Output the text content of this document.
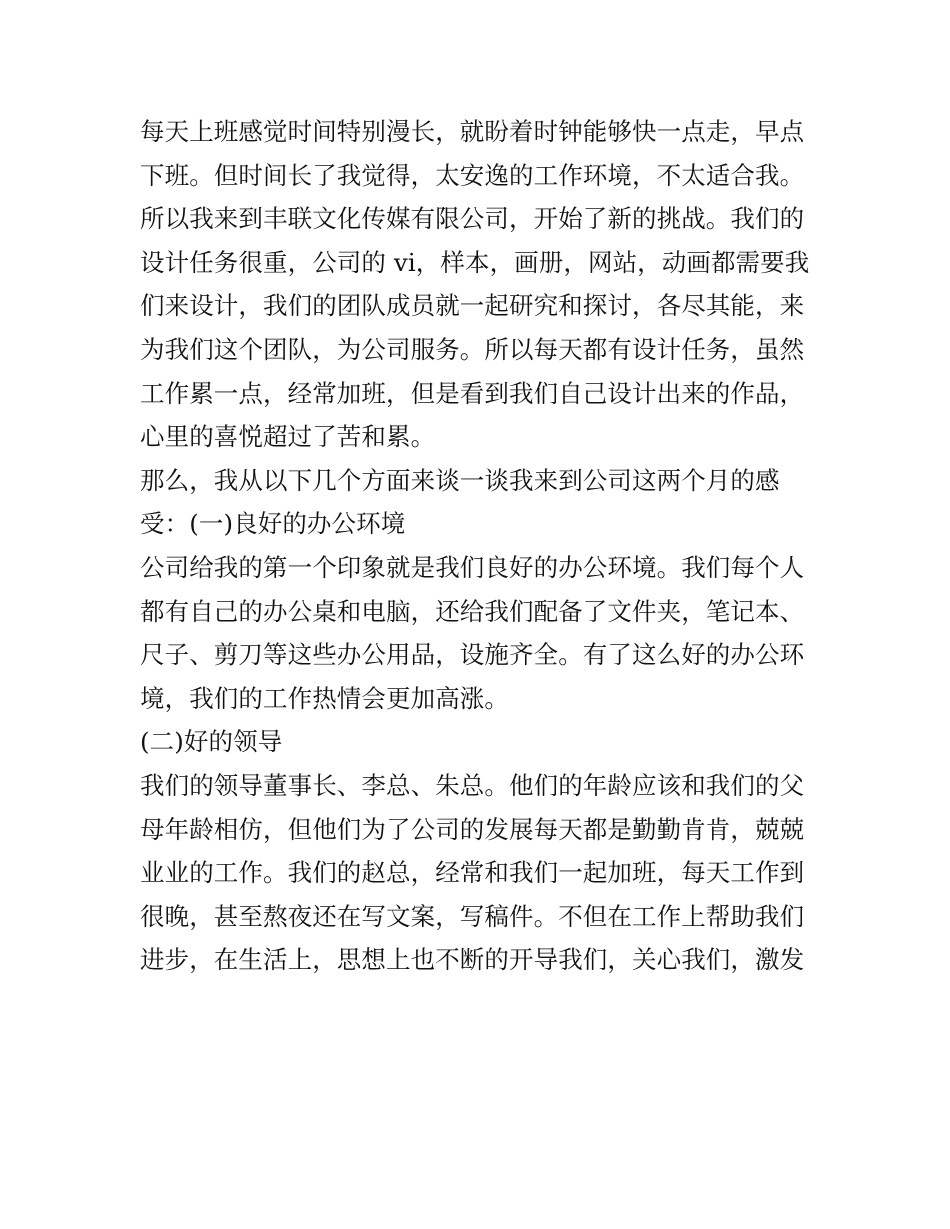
每天上班感觉时间特别漫长，就盼着时钟能够快一点走，早点
下班。但时间长了我觉得，太安逸的工作环境，不太适合我。
所以我来到丰联文化传媒有限公司，开始了新的挑战。我们的
设计任务很重，公司的 vi，样本，画册，网站，动画都需要我
们来设计，我们的团队成员就一起研究和探讨，各尽其能，来
为我们这个团队，为公司服务。所以每天都有设计任务，虽然
工作累一点，经常加班，但是看到我们自己设计出来的作品，
心里的喜悦超过了苦和累。
那么，我从以下几个方面来谈一谈我来到公司这两个月的感
受：(一)良好的办公环境
公司给我的第一个印象就是我们良好的办公环境。我们每个人
都有自己的办公桌和电脑，还给我们配备了文件夹，笔记本、
尺子、剪刀等这些办公用品，设施齐全。有了这么好的办公环
境，我们的工作热情会更加高涨。
(二)好的领导
我们的领导董事长、李总、朱总。他们的年龄应该和我们的父
母年龄相仿，但他们为了公司的发展每天都是勤勤肯肯，兢兢
业业的工作。我们的赵总，经常和我们一起加班，每天工作到
很晚，甚至熬夜还在写文案，写稿件。不但在工作上帮助我们
进步，在生活上，思想上也不断的开导我们，关心我们，激发
